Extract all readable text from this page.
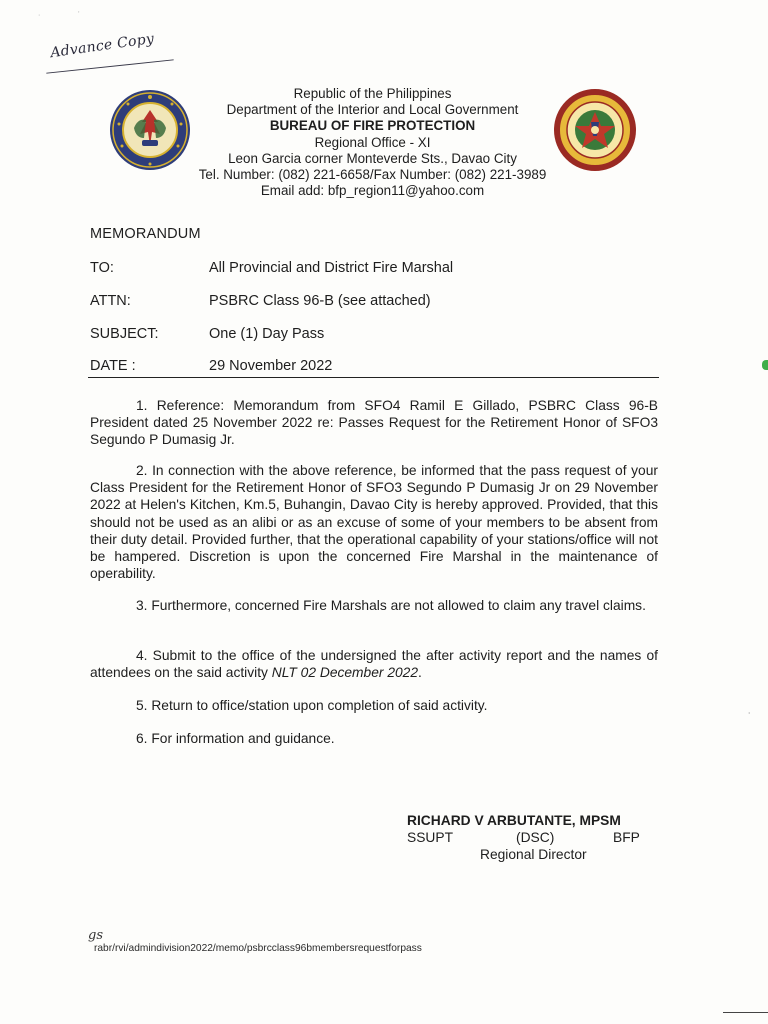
˙	'
Advance Copy
Republic of the Philippines
Department of the Interior and Local Government
BUREAU OF FIRE PROTECTION
Regional Office - XI
Leon Garcia corner Monteverde Sts., Davao City
Tel. Number: (082) 221-6658/Fax Number: (082) 221-3989
Email add: bfp_region11@yahoo.com
MEMORANDUM
TO:	All Provincial and District Fire Marshal
ATTN:	PSBRC Class 96-B (see attached)
SUBJECT:	One (1) Day Pass
DATE :	29 November 2022
1. Reference: Memorandum from SFO4 Ramil E Gillado, PSBRC Class 96-B President dated 25 November 2022 re: Passes Request for the Retirement Honor of SFO3 Segundo P Dumasig Jr.
2. In connection with the above reference, be informed that the pass request of your Class President for the Retirement Honor of SFO3 Segundo P Dumasig Jr on 29 November 2022 at Helen's Kitchen, Km.5, Buhangin, Davao City is hereby approved. Provided, that this should not be used as an alibi or as an excuse of some of your members to be absent from their duty detail. Provided further, that the operational capability of your stations/office will not be hampered. Discretion is upon the concerned Fire Marshal in the maintenance of operability.
3. Furthermore, concerned Fire Marshals are not allowed to claim any travel claims.
4. Submit to the office of the undersigned the after activity report and the names of attendees on the said activity NLT 02 December 2022.
5. Return to office/station upon completion of said activity.
6. For information and guidance.
RICHARD V ARBUTANTE, MPSM
SSUPT	(DSC)	BFP
Regional Director
gs
rabr/rvi/admindivision2022/memo/psbrcclass96bmembersrequestforpass
⸱
